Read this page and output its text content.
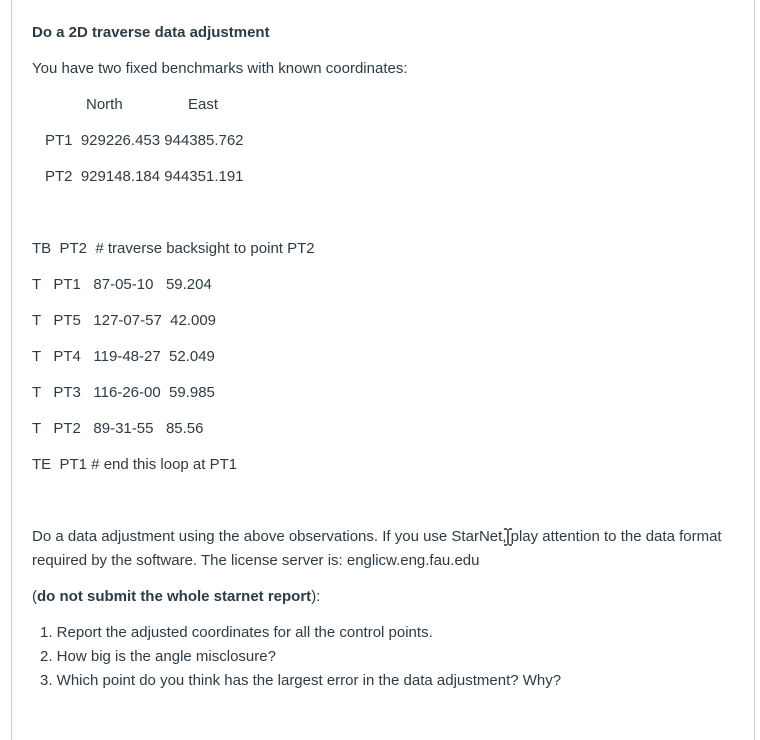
Do a 2D traverse data adjustment
You have two fixed benchmarks with known coordinates:
North	East
PT1  929226.453 944385.762
PT2  929148.184 944351.191
TB  PT2  # traverse backsight to point PT2
T   PT1   87-05-10   59.204
T   PT5   127-07-57  42.009
T   PT4   119-48-27  52.049
T   PT3   116-26-00  59.985
T   PT2   89-31-55   85.56
TE  PT1 # end this loop at PT1
Do a data adjustment using the above observations. If you use StarNet, play attention to the data format required by the software. The license server is: englicw.eng.fau.edu
(do not submit the whole starnet report):
1. Report the adjusted coordinates for all the control points.
2. How big is the angle misclosure?
3. Which point do you think has the largest error in the data adjustment? Why?
